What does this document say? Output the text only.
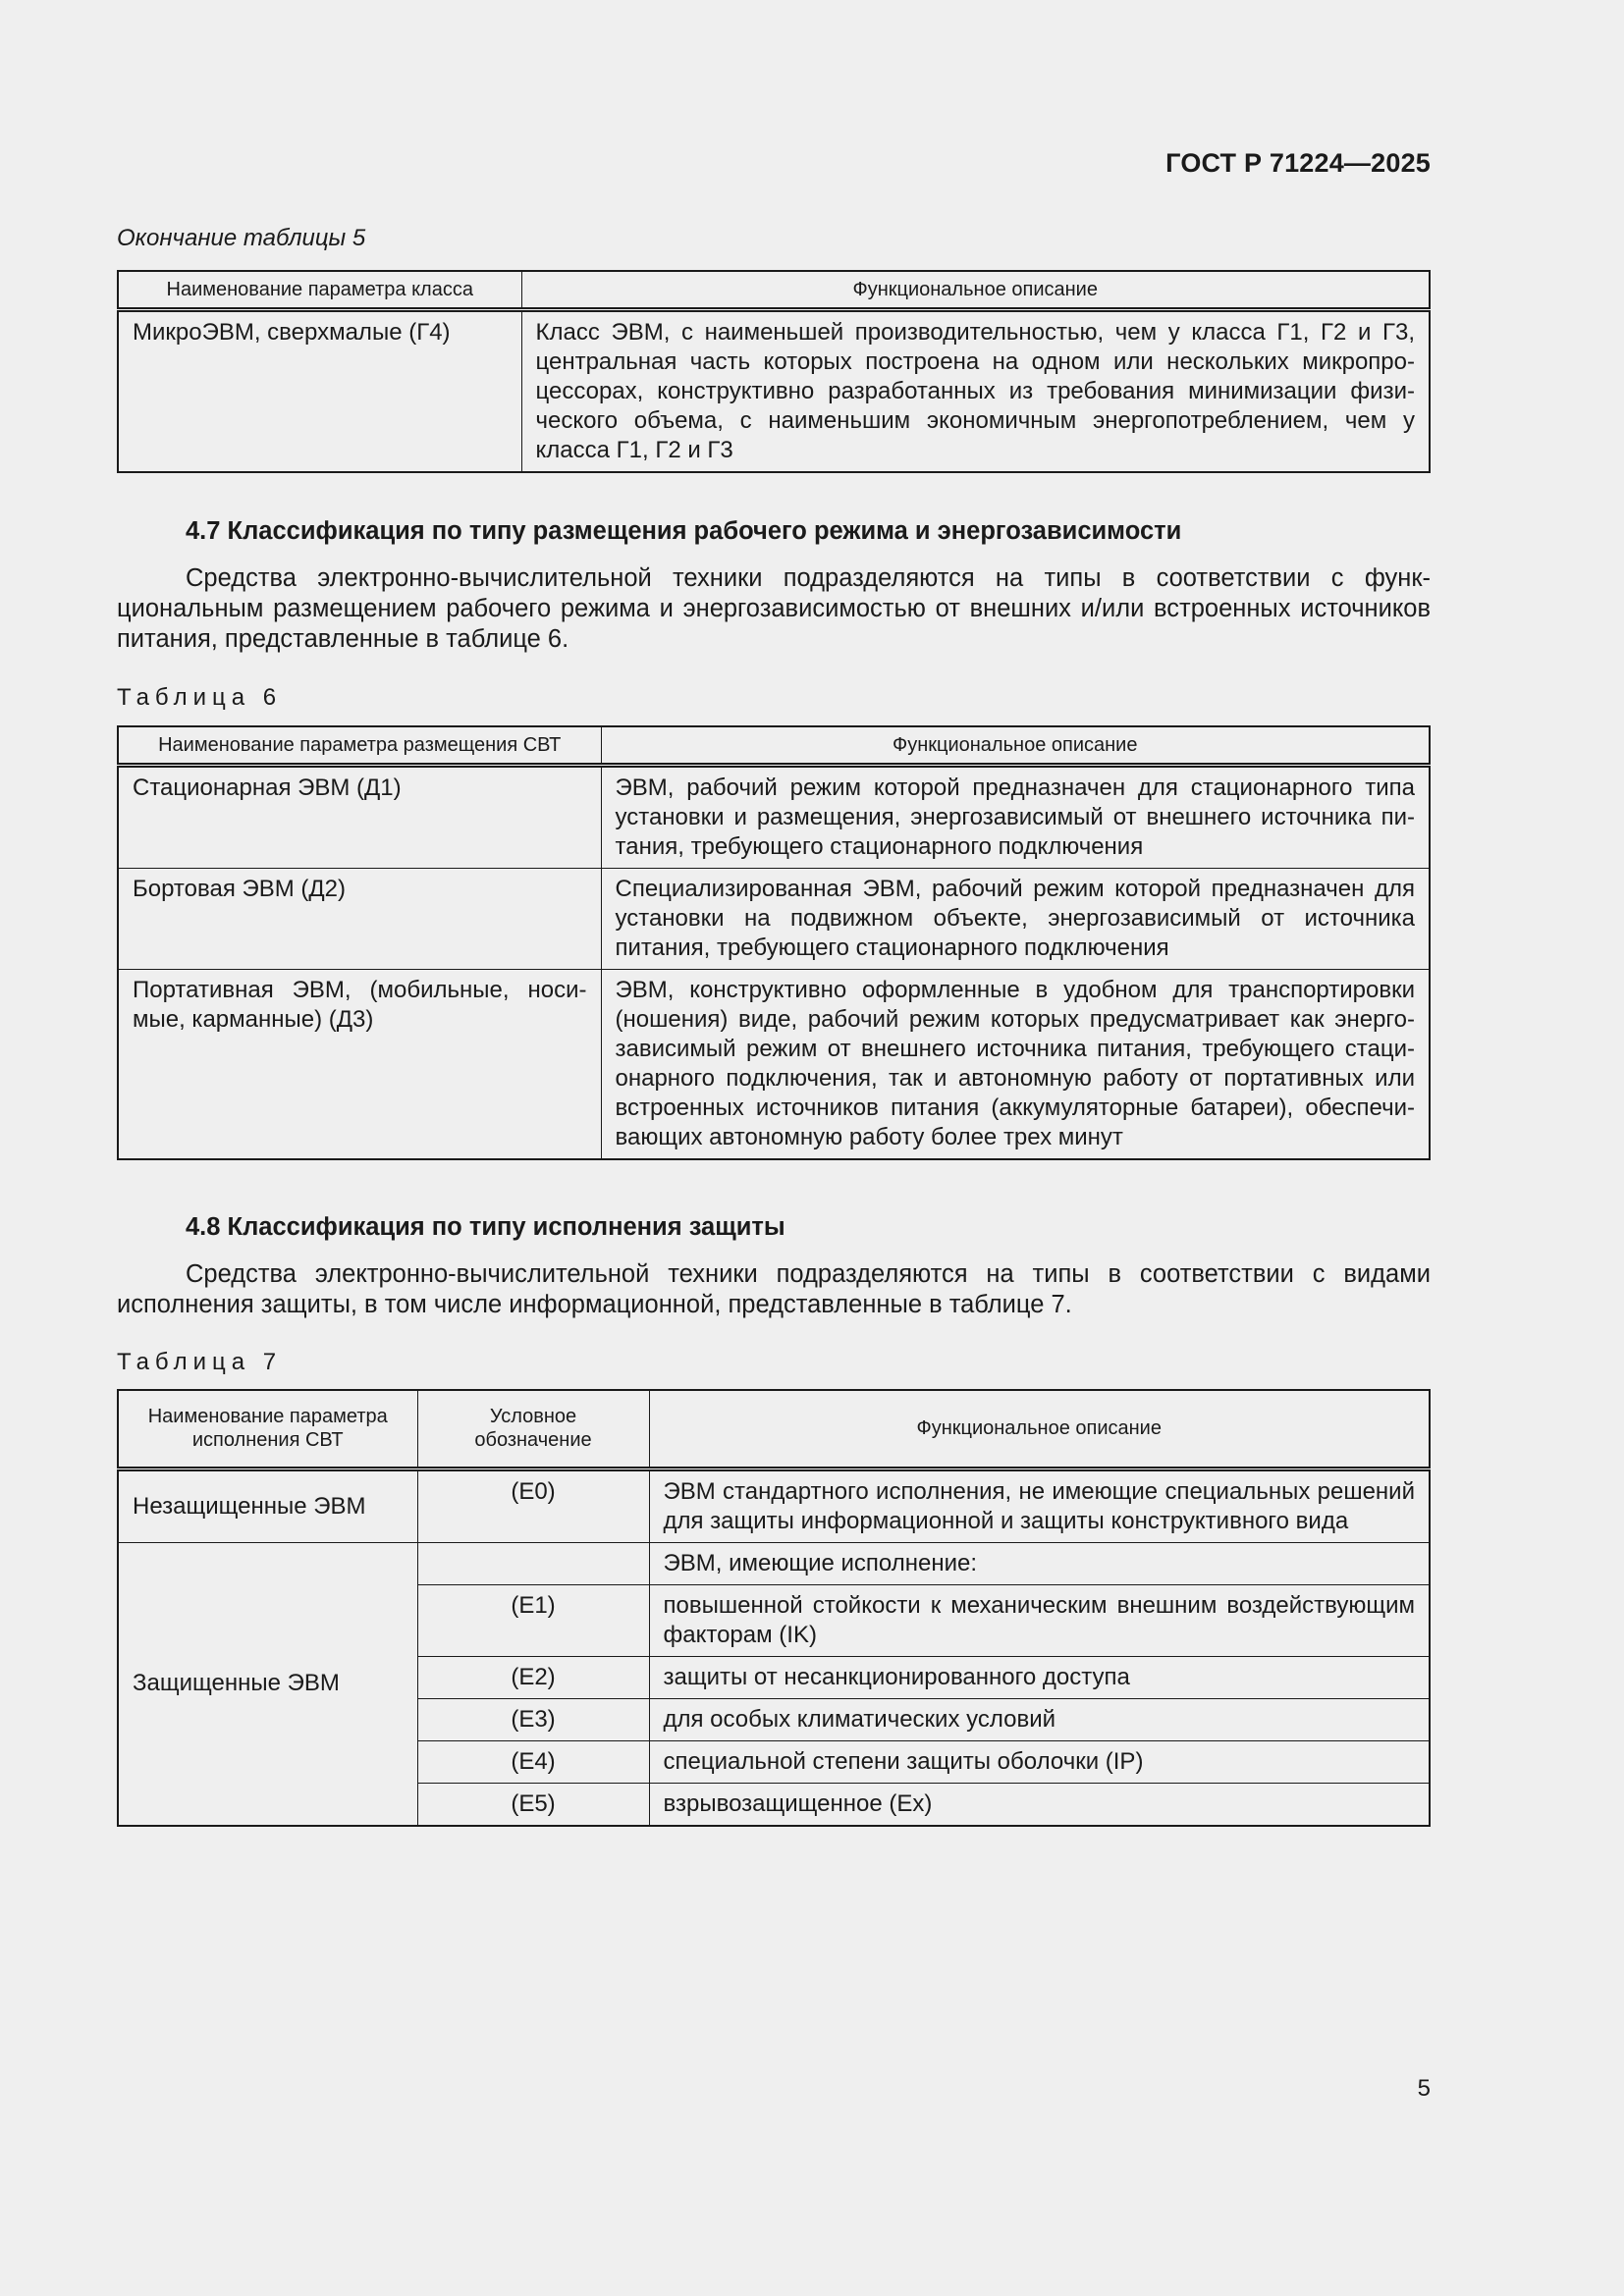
ГОСТ Р 71224—2025
Окончание таблицы 5
Наименование параметра класса	Функциональное описание
МикроЭВМ, сверхмалые (Г4)	Класс ЭВМ, с наименьшей производительностью, чем у класса Г1, Г2 и Г3, центральная часть которых построена на одном или нескольких микропроцессорах, конструктивно разработанных из требования минимизации физического объема, с наименьшим экономичным энергопотреблением, чем у класса Г1, Г2 и Г3
4.7 Классификация по типу размещения рабочего режима и энергозависимости

Средства электронно-вычислительной техники подразделяются на типы в соответствии с функциональным размещением рабочего режима и энергозависимостью от внешних и/или встроенных источников питания, представленные в таблице 6.

Таблица 6
Наименование параметра размещения СВТ	Функциональное описание
Стационарная ЭВМ (Д1)	ЭВМ, рабочий режим которой предназначен для стационарного типа установки и размещения, энергозависимый от внешнего источника питания, требующего стационарного подключения
Бортовая ЭВМ (Д2)	Специализированная ЭВМ, рабочий режим которой предназначен для установки на подвижном объекте, энергозависимый от источника питания, требующего стационарного подключения
Портативная ЭВМ, (мобильные, носимые, карманные) (Д3)	ЭВМ, конструктивно оформленные в удобном для транспортировки (ношения) виде, рабочий режим которых предусматривает как энергозависимый режим от внешнего источника питания, требующего стационарного подключения, так и автономную работу от портативных или встроенных источников питания (аккумуляторные батареи), обеспечивающих автономную работу более трех минут
4.8 Классификация по типу исполнения защиты

Средства электронно-вычислительной техники подразделяются на типы в соответствии с видами исполнения защиты, в том числе информационной, представленные в таблице 7.

Таблица 7
Наименование параметра исполнения СВТ	Условное обозначение	Функциональное описание
Незащищенные ЭВМ	(Е0)	ЭВМ стандартного исполнения, не имеющие специальных решений для защиты информационной и защиты конструктивного вида
Защищенные ЭВМ		ЭВМ, имеющие исполнение:
	(Е1)	повышенной стойкости к механическим внешним воздействующим факторам (IK)
	(Е2)	защиты от несанкционированного доступа
	(Е3)	для особых климатических условий
	(Е4)	специальной степени защиты оболочки (IP)
	(Е5)	взрывозащищенное (Ex)
5
